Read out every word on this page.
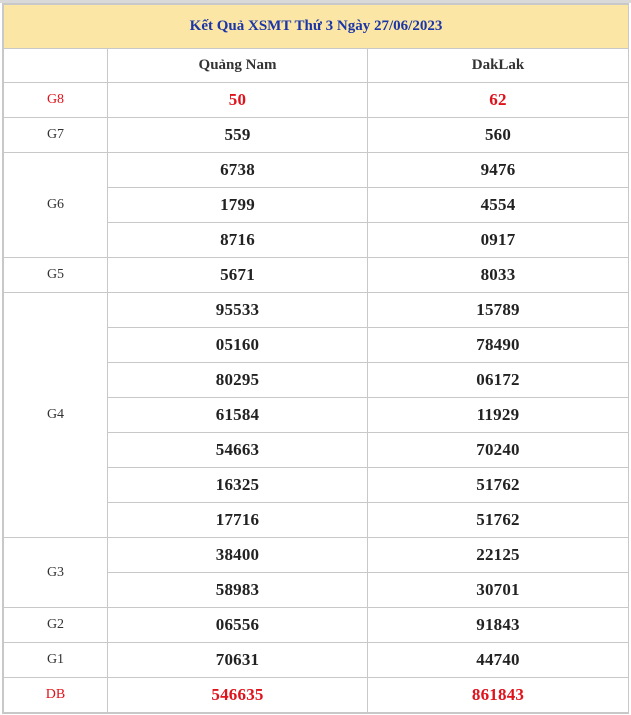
Kết Quả XSMT Thứ 3 Ngày 27/06/2023		
	Quảng Nam	DakLak
G8	50	62
G7	559	560
G6	6738	9476
	1799	4554
	8716	0917
G5	5671	8033
G4	95533	15789
	05160	78490
	80295	06172
	61584	11929
	54663	70240
	16325	51762
	17716	51762
G3	38400	22125
	58983	30701
G2	06556	91843
G1	70631	44740
DB	546635	861843
